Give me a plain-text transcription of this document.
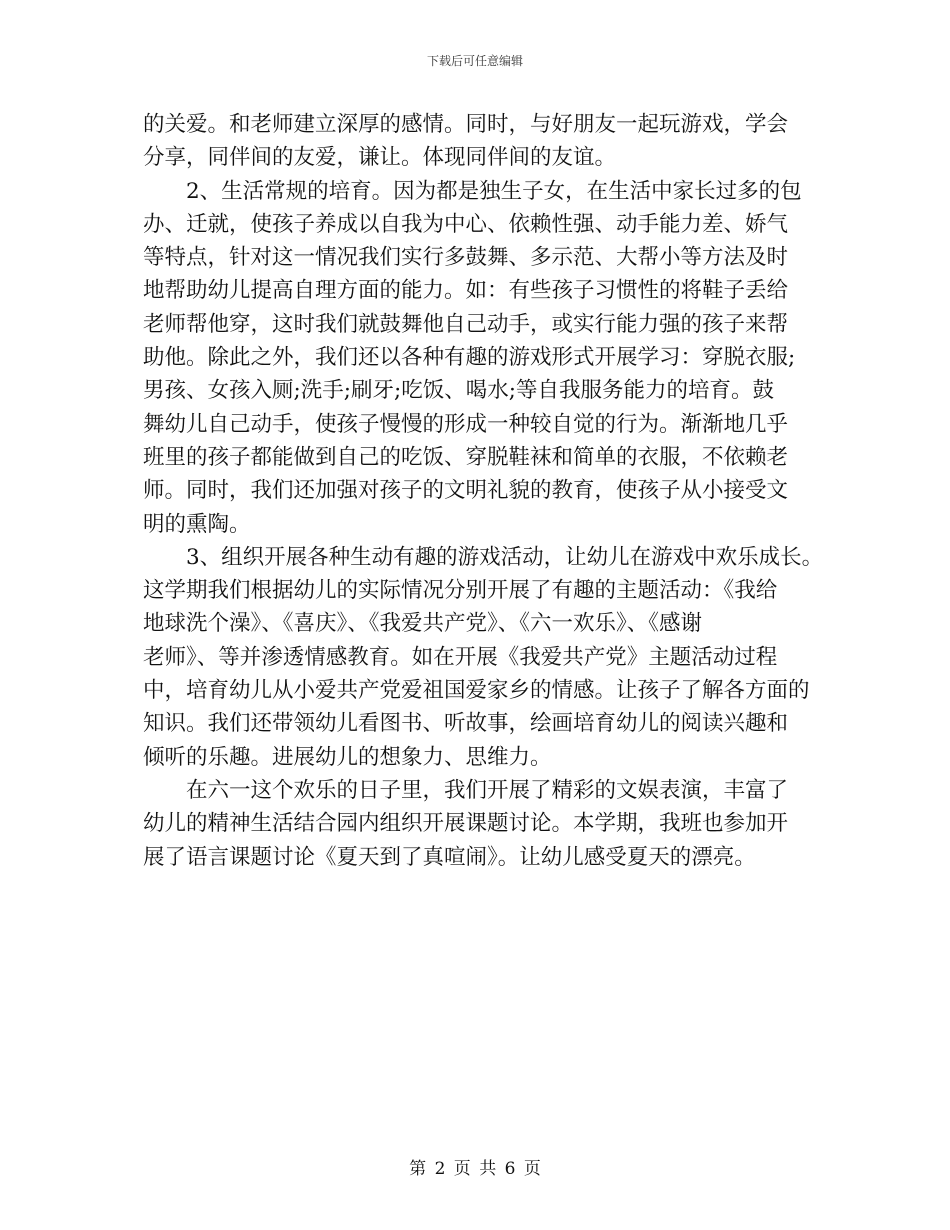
下载后可任意编辑
的关爱。和老师建立深厚的感情。同时，与好朋友一起玩游戏，学会
分享，同伴间的友爱，谦让。体现同伴间的友谊。
　　2、生活常规的培育。因为都是独生子女，在生活中家长过多的包
办、迁就，使孩子养成以自我为中心、依赖性强、动手能力差、娇气
等特点，针对这一情况我们实行多鼓舞、多示范、大帮小等方法及时
地帮助幼儿提高自理方面的能力。如：有些孩子习惯性的将鞋子丢给
老师帮他穿，这时我们就鼓舞他自己动手，或实行能力强的孩子来帮
助他。除此之外，我们还以各种有趣的游戏形式开展学习：穿脱衣服;
男孩、女孩入厕;洗手;刷牙;吃饭、喝水;等自我服务能力的培育。鼓
舞幼儿自己动手，使孩子慢慢的形成一种较自觉的行为。渐渐地几乎
班里的孩子都能做到自己的吃饭、穿脱鞋袜和简单的衣服，不依赖老
师。同时，我们还加强对孩子的文明礼貌的教育，使孩子从小接受文
明的熏陶。
　　3、组织开展各种生动有趣的游戏活动，让幼儿在游戏中欢乐成长。
这学期我们根据幼儿的实际情况分别开展了有趣的主题活动：《我给
地球洗个澡》、《喜庆》、《我爱共产党》、《六一欢乐》、《感谢
老师》、等并渗透情感教育。如在开展《我爱共产党》主题活动过程
中，培育幼儿从小爱共产党爱祖国爱家乡的情感。让孩子了解各方面的
知识。我们还带领幼儿看图书、听故事，绘画培育幼儿的阅读兴趣和
倾听的乐趣。进展幼儿的想象力、思维力。
　　在六一这个欢乐的日子里，我们开展了精彩的文娱表演，丰富了
幼儿的精神生活结合园内组织开展课题讨论。本学期，我班也参加开
展了语言课题讨论《夏天到了真喧闹》。让幼儿感受夏天的漂亮。
第 2 页 共 6 页
